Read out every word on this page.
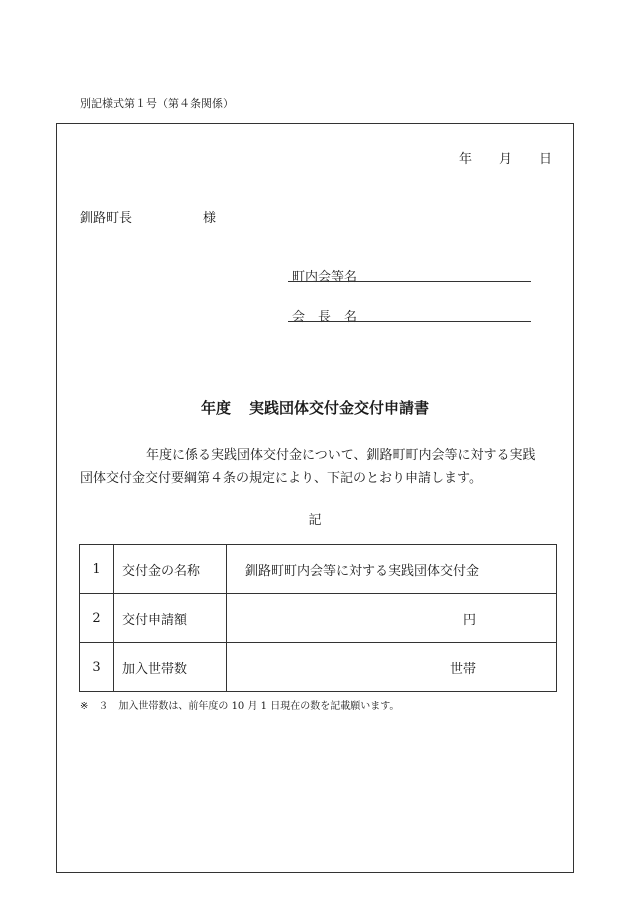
別記様式第１号（第４条関係）
年 月 日
釧路町長	様
町内会等名
会　長　名
年度 実践団体交付金交付申請書
年度に係る実践団体交付金について、釧路町町内会等に対する実践
団体交付金交付要綱第４条の規定により、下記のとおり申請します。
記
1	交付金の名称	釧路町町内会等に対する実践団体交付金
2	交付申請額	円
3	加入世帯数	世帯
※　３ 加入世帯数は、前年度の 10 月 1 日現在の数を記載願います。
